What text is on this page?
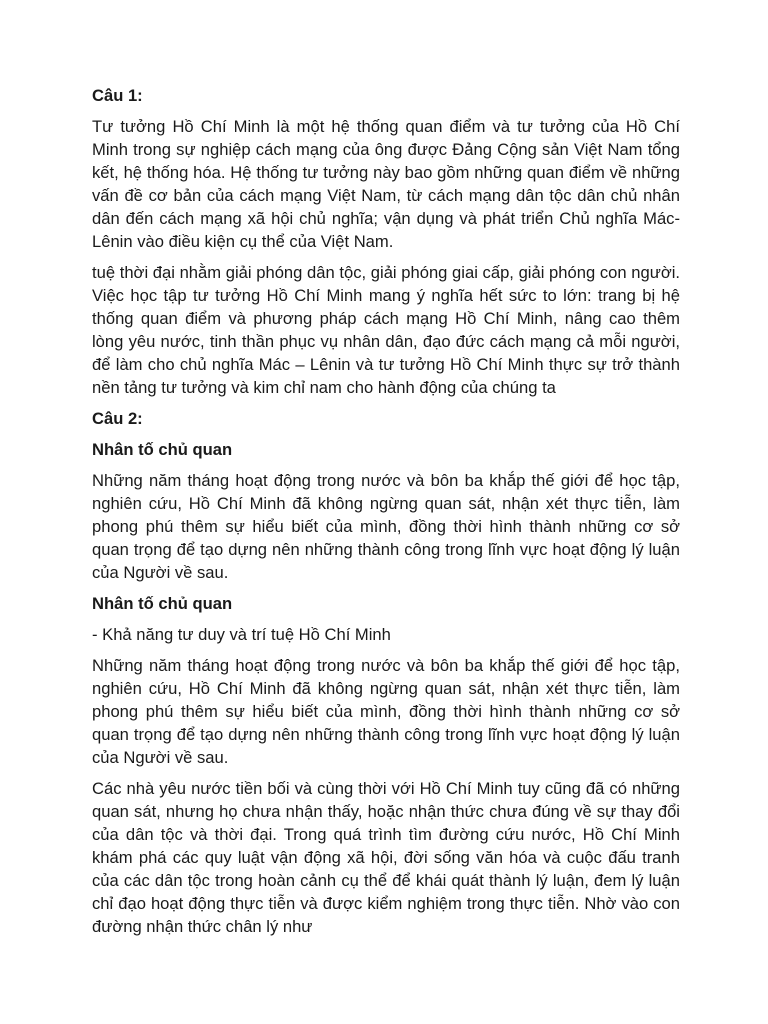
Câu 1:

Tư tưởng Hồ Chí Minh là một hệ thống quan điểm và tư tưởng của Hồ Chí Minh trong sự nghiệp cách mạng của ông được Đảng Cộng sản Việt Nam tổng kết, hệ thống hóa. Hệ thống tư tưởng này bao gồm những quan điểm về những vấn đề cơ bản của cách mạng Việt Nam, từ cách mạng dân tộc dân chủ nhân dân đến cách mạng xã hội chủ nghĩa; vận dụng và phát triển Chủ nghĩa Mác-Lênin vào điều kiện cụ thể của Việt Nam.

tuệ thời đại nhằm giải phóng dân tộc, giải phóng giai cấp, giải phóng con người. Việc học tập tư tưởng Hồ Chí Minh mang ý nghĩa hết sức to lớn: trang bị hệ thống quan điểm và phương pháp cách mạng Hồ Chí Minh, nâng cao thêm lòng yêu nước, tinh thần phục vụ nhân dân, đạo đức cách mạng cả mỗi người, để làm cho chủ nghĩa Mác – Lênin và tư tưởng Hồ Chí Minh thực sự trở thành nền tảng tư tưởng và kim chỉ nam cho hành động của chúng ta

Câu 2:

Nhân tố chủ quan

Những năm tháng hoạt động trong nước và bôn ba khắp thế giới để học tập, nghiên cứu, Hồ Chí Minh đã không ngừng quan sát, nhận xét thực tiễn, làm phong phú thêm sự hiểu biết của mình, đồng thời hình thành những cơ sở quan trọng để tạo dựng nên những thành công trong lĩnh vực hoạt động lý luận của Người về sau.

Nhân tố chủ quan

- Khả năng tư duy và trí tuệ Hồ Chí Minh

Những năm tháng hoạt động trong nước và bôn ba khắp thế giới để học tập, nghiên cứu, Hồ Chí Minh đã không ngừng quan sát, nhận xét thực tiễn, làm phong phú thêm sự hiểu biết của mình, đồng thời hình thành những cơ sở quan trọng để tạo dựng nên những thành công trong lĩnh vực hoạt động lý luận của Người về sau.

Các nhà yêu nước tiền bối và cùng thời với Hồ Chí Minh tuy cũng đã có những quan sát, nhưng họ chưa nhận thấy, hoặc nhận thức chưa đúng về sự thay đổi của dân tộc và thời đại. Trong quá trình tìm đường cứu nước, Hồ Chí Minh khám phá các quy luật vận động xã hội, đời sống văn hóa và cuộc đấu tranh của các dân tộc trong hoàn cảnh cụ thể để khái quát thành lý luận, đem lý luận chỉ đạo hoạt động thực tiễn và được kiểm nghiệm trong thực tiễn. Nhờ vào con đường nhận thức chân lý như
